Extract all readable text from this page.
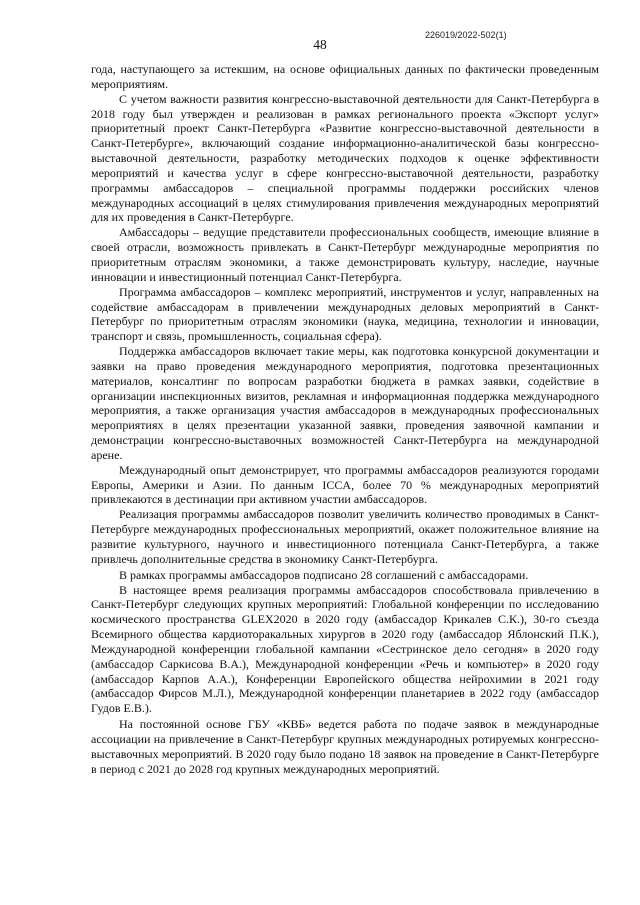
226019/2022-502(1)
48

года, наступающего за истекшим, на основе официальных данных по фактически проведенным мероприятиям.

С учетом важности развития конгрессно-выставочной деятельности для Санкт-Петербурга в 2018 году был утвержден и реализован в рамках регионального проекта «Экспорт услуг» приоритетный проект Санкт-Петербурга «Развитие конгрессно-выставочной деятельности в Санкт-Петербурге», включающий создание информационно-аналитической базы конгрессно-выставочной деятельности, разработку методических подходов к оценке эффективности мероприятий и качества услуг в сфере конгрессно-выставочной деятельности, разработку программы амбассадоров – специальной программы поддержки российских членов международных ассоциаций в целях стимулирования привлечения международных мероприятий для их проведения в Санкт-Петербурге.

Амбассадоры – ведущие представители профессиональных сообществ, имеющие влияние в своей отрасли, возможность привлекать в Санкт-Петербург международные мероприятия по приоритетным отраслям экономики, а также демонстрировать культуру, наследие, научные инновации и инвестиционный потенциал Санкт-Петербурга.

Программа амбассадоров – комплекс мероприятий, инструментов и услуг, направленных на содействие амбассадорам в привлечении международных деловых мероприятий в Санкт-Петербург по приоритетным отраслям экономики (наука, медицина, технологии и инновации, транспорт и связь, промышленность, социальная сфера).

Поддержка амбассадоров включает такие меры, как подготовка конкурсной документации и заявки на право проведения международного мероприятия, подготовка презентационных материалов, консалтинг по вопросам разработки бюджета в рамках заявки, содействие в организации инспекционных визитов, рекламная и информационная поддержка международного мероприятия, а также организация участия амбассадоров в международных профессиональных мероприятиях в целях презентации указанной заявки, проведения заявочной кампании и демонстрации конгрессно-выставочных возможностей Санкт-Петербурга на международной арене.

Международный опыт демонстрирует, что программы амбассадоров реализуются городами Европы, Америки и Азии. По данным ICCA, более 70 % международных мероприятий привлекаются в дестинации при активном участии амбассадоров.

Реализация программы амбассадоров позволит увеличить количество проводимых в Санкт-Петербурге международных профессиональных мероприятий, окажет положительное влияние на развитие культурного, научного и инвестиционного потенциала Санкт-Петербурга, а также привлечь дополнительные средства в экономику Санкт-Петербурга.

В рамках программы амбассадоров подписано 28 соглашений с амбассадорами.

В настоящее время реализация программы амбассадоров способствовала привлечению в Санкт-Петербург следующих крупных мероприятий: Глобальной конференции по исследованию космического пространства GLEX2020 в 2020 году (амбассадор Крикалев С.К.), 30-го съезда Всемирного общества кардиоторакальных хирургов в 2020 году (амбассадор Яблонский П.К.), Международной конференции глобальной кампании «Сестринское дело сегодня» в 2020 году (амбассадор Саркисова В.А.), Международной конференции «Речь и компьютер» в 2020 году (амбассадор Карпов А.А.), Конференции Европейского общества нейрохимии в 2021 году (амбассадор Фирсов М.Л.), Международной конференции планетариев в 2022 году (амбассадор Гудов Е.В.).

На постоянной основе ГБУ «КВБ» ведется работа по подаче заявок в международные ассоциации на привлечение в Санкт-Петербург крупных международных ротируемых конгрессно-выставочных мероприятий. В 2020 году было подано 18 заявок на проведение в Санкт-Петербурге в период с 2021 до 2028 год крупных международных мероприятий.
